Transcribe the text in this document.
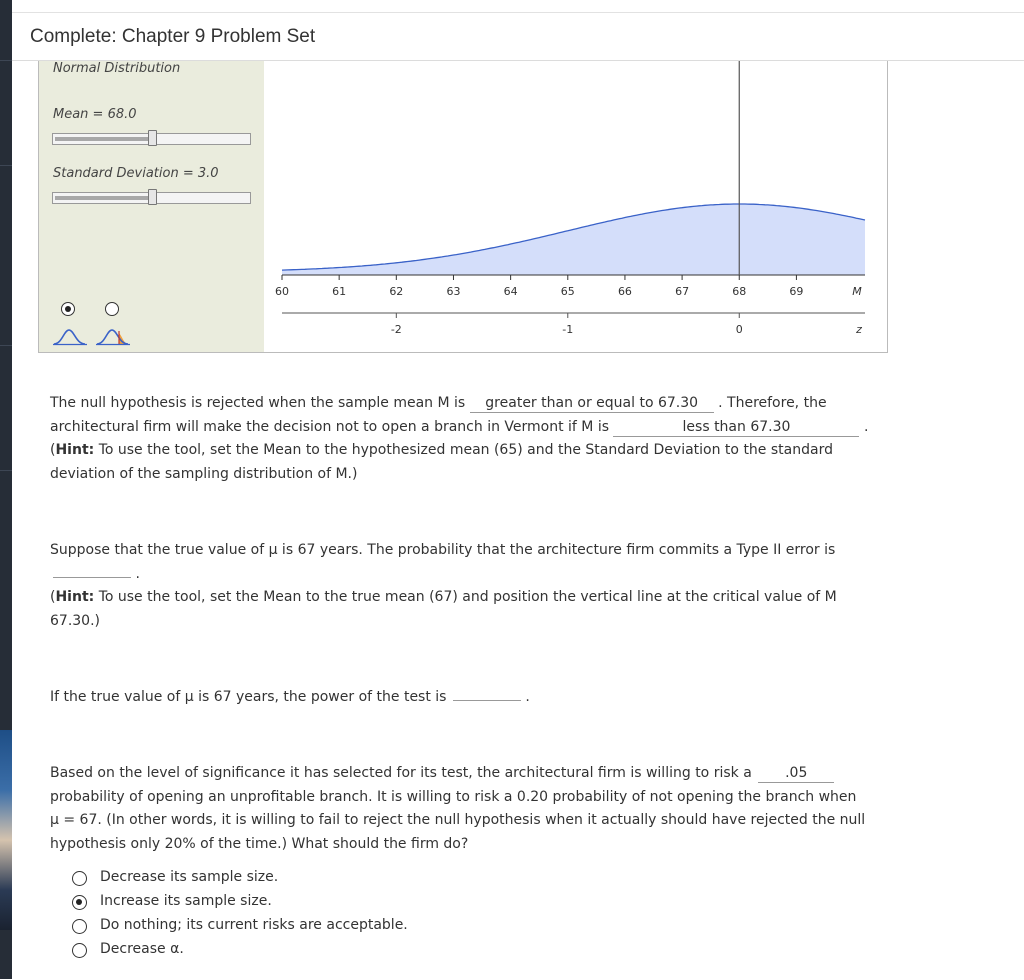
Complete: Chapter 9 Problem Set
Normal Distribution
Mean = 68.0
Standard Deviation = 3.0
60	61	62	63	64	65	66	67	68	69	M
-2	-1	0	z
The null hypothesis is rejected when the sample mean M is greater than or equal to 67.30 . Therefore, the
architectural firm will make the decision not to open a branch in Vermont if M is	less than 67.30	.
(Hint: To use the tool, set the Mean to the hypothesized mean (65) and the Standard Deviation to the standard
deviation of the sampling distribution of M.)
Suppose that the true value of μ is 67 years. The probability that the architecture firm commits a Type II error is
.
(Hint: To use the tool, set the Mean to the true mean (67) and position the vertical line at the critical value of M
67.30.)
If the true value of μ is 67 years, the power of the test is	.
Based on the level of significance it has selected for its test, the architectural firm is willing to risk a .05
probability of opening an unprofitable branch. It is willing to risk a 0.20 probability of not opening the branch when
μ = 67. (In other words, it is willing to fail to reject the null hypothesis when it actually should have rejected the null
hypothesis only 20% of the time.) What should the firm do?
Decrease its sample size.
Increase its sample size.
Do nothing; its current risks are acceptable.
Decrease α.
